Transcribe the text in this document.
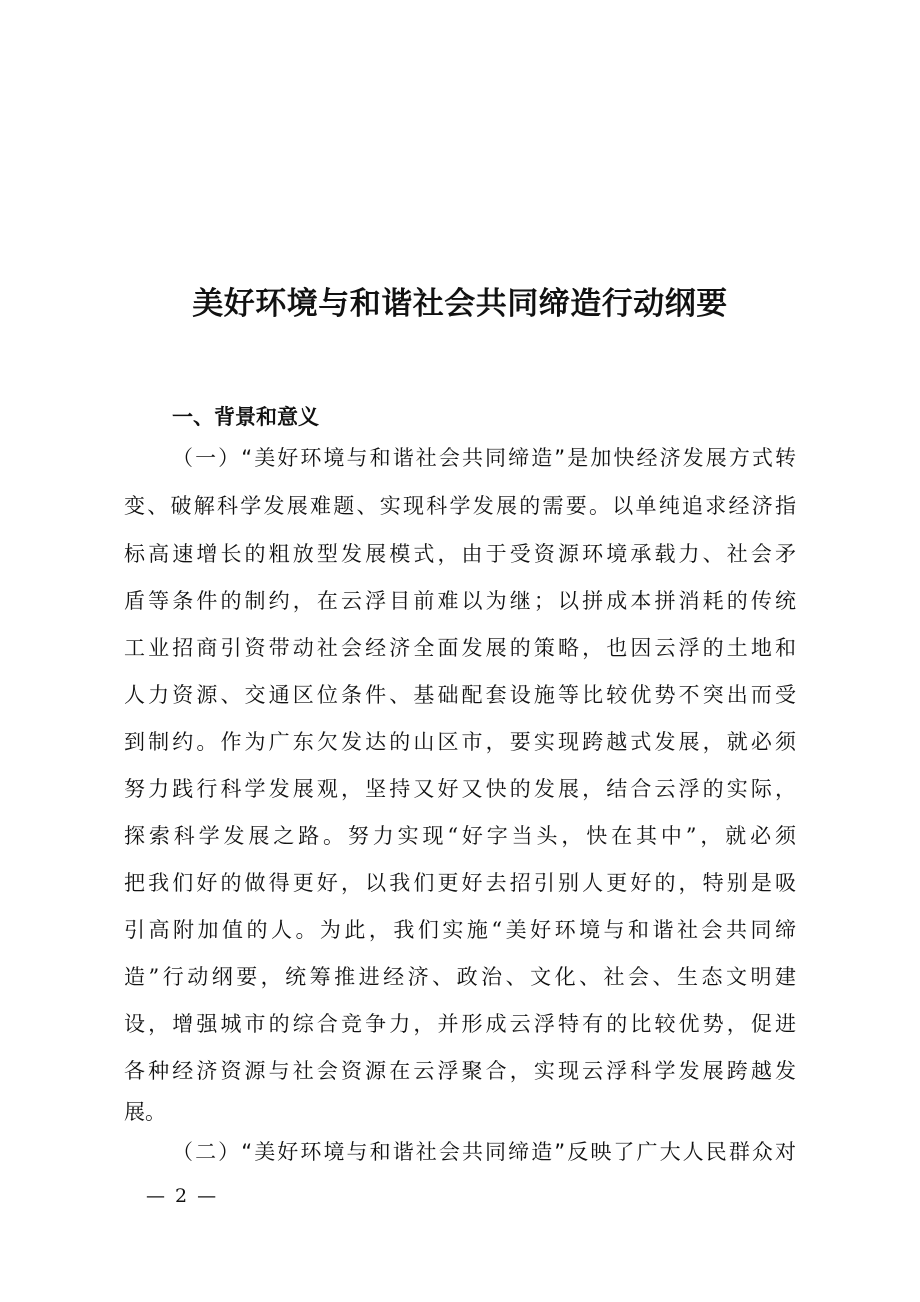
美好环境与和谐社会共同缔造行动纲要
一、背景和意义
（一）“美好环境与和谐社会共同缔造”是加快经济发展方式转
变、破解科学发展难题、实现科学发展的需要。以单纯追求经济指
标高速增长的粗放型发展模式，由于受资源环境承载力、社会矛
盾等条件的制约，在云浮目前难以为继；以拼成本拼消耗的传统
工业招商引资带动社会经济全面发展的策略，也因云浮的土地和
人力资源、交通区位条件、基础配套设施等比较优势不突出而受
到制约。作为广东欠发达的山区市，要实现跨越式发展，就必须
努力践行科学发展观，坚持又好又快的发展，结合云浮的实际，
探索科学发展之路。努力实现“好字当头，快在其中”，就必须
把我们好的做得更好，以我们更好去招引别人更好的，特别是吸
引高附加值的人。为此，我们实施“美好环境与和谐社会共同缔
造”行动纲要，统筹推进经济、政治、文化、社会、生态文明建
设，增强城市的综合竞争力，并形成云浮特有的比较优势，促进
各种经济资源与社会资源在云浮聚合，实现云浮科学发展跨越发
展。
（二）“美好环境与和谐社会共同缔造”反映了广大人民群众对
— 2 —
